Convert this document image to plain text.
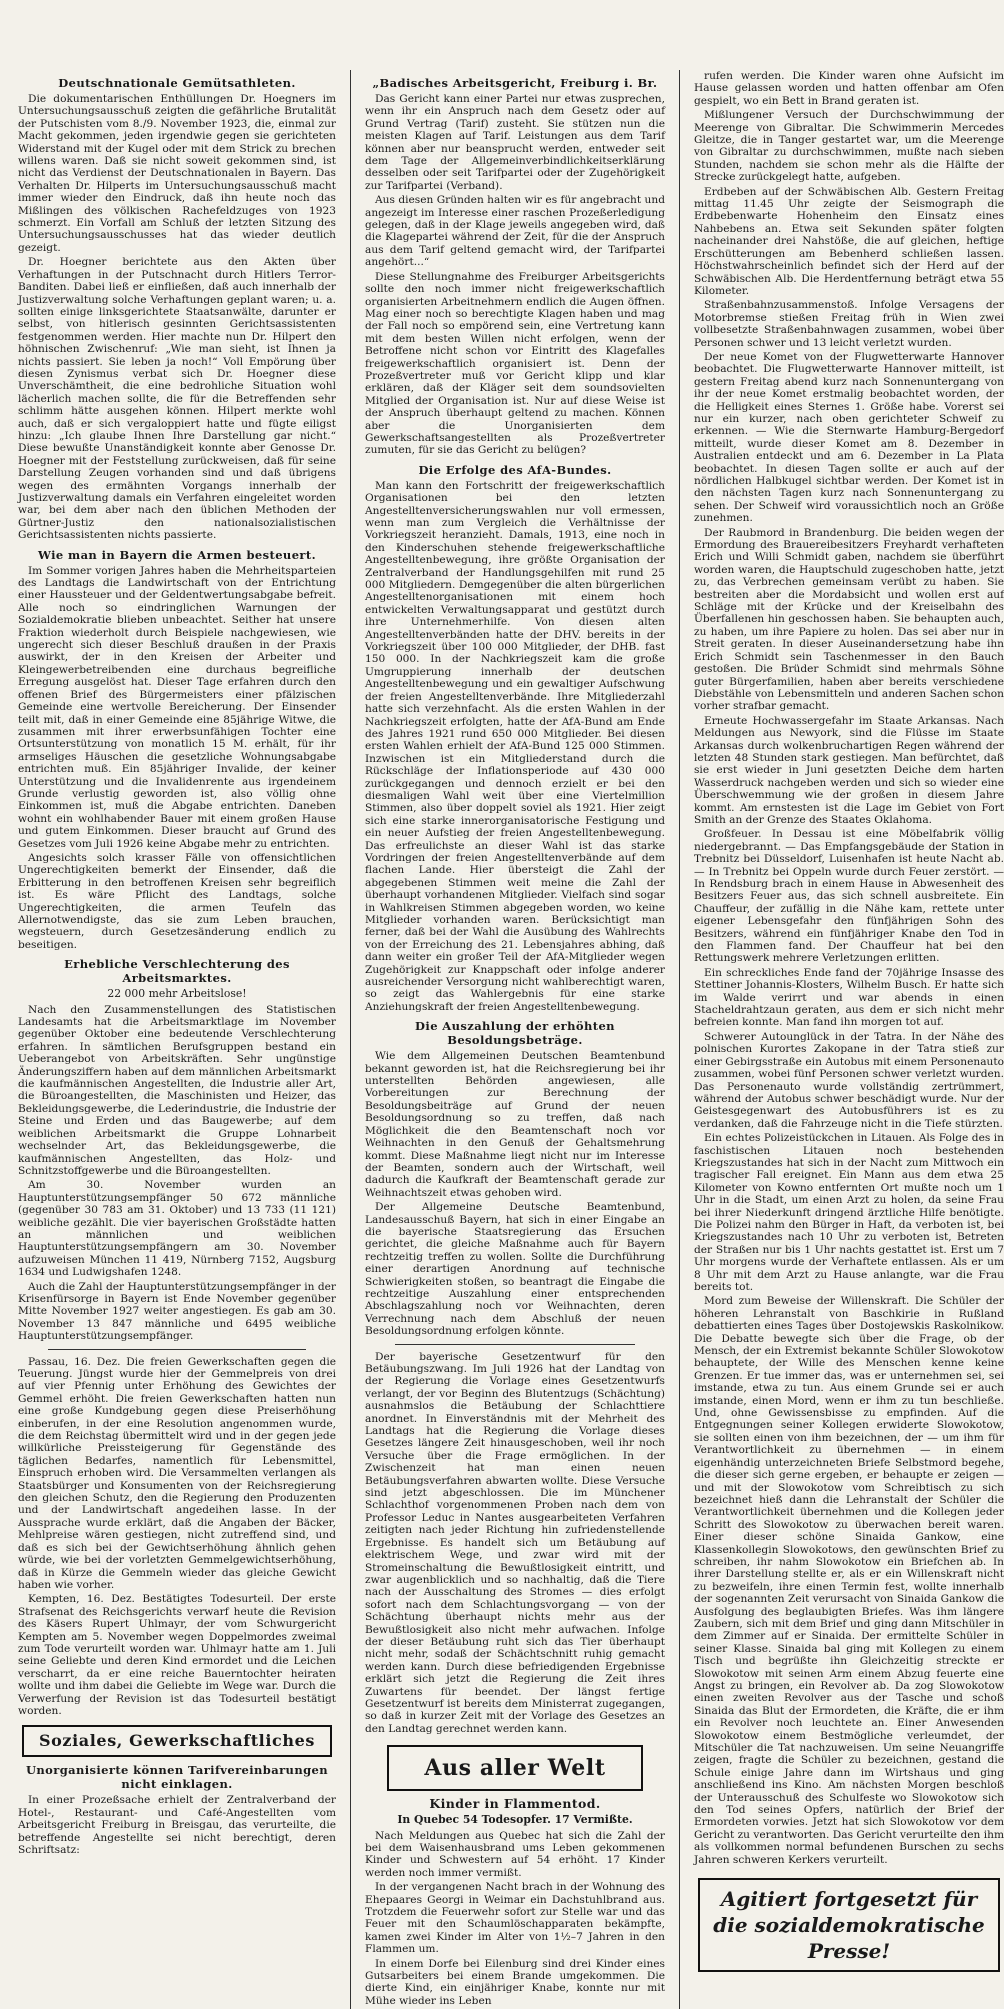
Deutschnationale Gemütsathleten.

Die dokumentarischen Enthüllungen Dr. Hoegners im Untersuchungsausschuß zeigten die gefährliche Brutalität der Putschisten vom 8./9. November 1923, die, einmal zur Macht gekommen, jeden irgendwie gegen sie gerichteten Widerstand mit der Kugel oder mit dem Strick zu brechen willens waren. Daß sie nicht soweit gekommen sind, ist nicht das Verdienst der Deutschnationalen in Bayern. Das Verhalten Dr. Hilperts im Untersuchungsausschuß macht immer wieder den Eindruck, daß ihn heute noch das Mißlingen des völkischen Rachefeldzuges von 1923 schmerzt. Ein Vorfall am Schluß der letzten Sitzung des Untersuchungsausschusses hat das wieder deutlich gezeigt.

Dr. Hoegner berichtete aus den Akten über Verhaftungen in der Putschnacht durch Hitlers Terror-Banditen. Dabei ließ er einfließen, daß auch innerhalb der Justizverwaltung solche Verhaftungen geplant waren; u. a. sollten einige linksgerichtete Staatsanwälte, darunter er selbst, von hitlerisch gesinnten Gerichtsassistenten festgenommen werden. Hier machte nun Dr. Hilpert den höhnischen Zwischenruf: „Wie man sieht, ist Ihnen ja nichts passiert. Sie leben ja noch!“ Voll Empörung über diesen Zynismus verbat sich Dr. Hoegner diese Unverschämtheit, die eine bedrohliche Situation wohl lächerlich machen sollte, die für die Betreffenden sehr schlimm hätte ausgehen können. Hilpert merkte wohl auch, daß er sich vergaloppiert hatte und fügte eiligst hinzu: „Ich glaube Ihnen Ihre Darstellung gar nicht.“ Diese bewußte Unanständigkeit konnte aber Genosse Dr. Hoegner mit der Feststellung zurückweisen, daß für seine Darstellung Zeugen vorhanden sind und daß übrigens wegen des ermähnten Vorgangs innerhalb der Justizverwaltung damals ein Verfahren eingeleitet worden war, bei dem aber nach den üblichen Methoden der Gürtner-Justiz den nationalsozialistischen Gerichtsassistenten nichts passierte.

Wie man in Bayern die Armen besteuert.

Im Sommer vorigen Jahres haben die Mehrheitsparteien des Landtags die Landwirtschaft von der Entrichtung einer Haussteuer und der Geldentwertungsabgabe befreit. Alle noch so eindringlichen Warnungen der Sozialdemokratie blieben unbeachtet. Seither hat unsere Fraktion wiederholt durch Beispiele nachgewiesen, wie ungerecht sich dieser Beschluß draußen in der Praxis auswirkt, der in den Kreisen der Arbeiter und Kleingewerbetreibenden eine durchaus begreifliche Erregung ausgelöst hat. Dieser Tage erfahren durch den offenen Brief des Bürgermeisters einer pfälzischen Gemeinde eine wertvolle Bereicherung. Der Einsender teilt mit, daß in einer Gemeinde eine 85jährige Witwe, die zusammen mit ihrer erwerbsunfähigen Tochter eine Ortsunterstützung von monatlich 15 M. erhält, für ihr armseliges Häuschen die gesetzliche Wohnungsabgabe entrichten muß. Ein 85jähriger Invalide, der keiner Unterstützung und die Invalidenrente aus irgendeinem Grunde verlustig geworden ist, also völlig ohne Einkommen ist, muß die Abgabe entrichten. Daneben wohnt ein wohlhabender Bauer mit einem großen Hause und gutem Einkommen. Dieser braucht auf Grund des Gesetzes vom Juli 1926 keine Abgabe mehr zu entrichten.

Angesichts solch krasser Fälle von offensichtlichen Ungerechtigkeiten bemerkt der Einsender, daß die Erbitterung in den betroffenen Kreisen sehr begreiflich ist. Es wäre Pflicht des Landtags, solche Ungerechtigkeiten, die armen Teufeln das Allernotwendigste, das sie zum Leben brauchen, wegsteuern, durch Gesetzesänderung endlich zu beseitigen.

Erhebliche Verschlechterung des Arbeitsmarktes.
22 000 mehr Arbeitslose!

Nach den Zusammenstellungen des Statistischen Landesamts hat die Arbeitsmarktlage im November gegenüber Oktober eine bedeutende Verschlechterung erfahren. In sämtlichen Berufsgruppen bestand ein Ueberangebot von Arbeitskräften. Sehr ungünstige Änderungsziffern haben auf dem männlichen Arbeitsmarkt die kaufmännischen Angestellten, die Industrie aller Art, die Büroangestellten, die Maschinisten und Heizer, das Bekleidungsgewerbe, die Lederindustrie, die Industrie der Steine und Erden und das Baugewerbe; auf dem weiblichen Arbeitsmarkt die Gruppe Lohnarbeit wechselnder Art, das Bekleidungsgewerbe, die kaufmännischen Angestellten, das Holz- und Schnitzstoffgewerbe und die Büroangestellten.

Am 30. November wurden an Hauptunterstützungsempfänger 50 672 männliche (gegenüber 30 783 am 31. Oktober) und 13 733 (11 121) weibliche gezählt. Die vier bayerischen Großstädte hatten an männlichen und weiblichen Hauptunterstützungsempfängern am 30. November aufzuweisen München 11 419, Nürnberg 7152, Augsburg 1634 und Ludwigshafen 1248.

Auch die Zahl der Hauptunterstützungsempfänger in der Krisenfürsorge in Bayern ist Ende November gegenüber Mitte November 1927 weiter angestiegen. Es gab am 30. November 13 847 männliche und 6495 weibliche Hauptunterstützungsempfänger.

Passau, 16. Dez. Die freien Gewerkschaften gegen die Teuerung. Jüngst wurde hier der Gemmelpreis von drei auf vier Pfennig unter Erhöhung des Gewichtes der Gemmel erhöht. Die freien Gewerkschaften hatten nun eine große Kundgebung gegen diese Preiserhöhung einberufen, in der eine Resolution angenommen wurde, die dem Reichstag übermittelt wird und in der gegen jede willkürliche Preissteigerung für Gegenstände des täglichen Bedarfes, namentlich für Lebensmittel, Einspruch erhoben wird. Die Versammelten verlangen als Staatsbürger und Konsumenten von der Reichsregierung den gleichen Schutz, den die Regierung den Produzenten und der Landwirtschaft angedeihen lasse. In der Aussprache wurde erklärt, daß die Angaben der Bäcker, Mehlpreise wären gestiegen, nicht zutreffend sind, und daß es sich bei der Gewichtserhöhung ähnlich gehen würde, wie bei der vorletzten Gemmelgewichtserhöhung, daß in Kürze die Gemmeln wieder das gleiche Gewicht haben wie vorher.

Kempten, 16. Dez. Bestätigtes Todesurteil. Der erste Strafsenat des Reichsgerichts verwarf heute die Revision des Käsers Rupert Uhlmayr, der vom Schwurgericht Kempten am 5. November wegen Doppelmordes zweimal zum Tode verurteilt worden war. Uhlmayr hatte am 1. Juli seine Geliebte und deren Kind ermordet und die Leichen verscharrt, da er eine reiche Bauerntochter heiraten wollte und ihm dabei die Geliebte im Wege war. Durch die Verwerfung der Revision ist das Todesurteil bestätigt worden.

Soziales, Gewerkschaftliches
Unorganisierte können Tarifvereinbarungen nicht einklagen.

In einer Prozeßsache erhielt der Zentralverband der Hotel-, Restaurant- und Café-Angestellten vom Arbeitsgericht Freiburg in Breisgau, das verurteilte, die betreffende Angestellte sei nicht berechtigt, deren Schriftsatz:

„Badisches Arbeitsgericht, Freiburg i. Br.

Das Gericht kann einer Partei nur etwas zusprechen, wenn ihr ein Anspruch nach dem Gesetz oder auf Grund Vertrag (Tarif) zusteht. Sie stützen nun die meisten Klagen auf Tarif. Leistungen aus dem Tarif können aber nur beansprucht werden, entweder seit dem Tage der Allgemeinverbindlichkeitserklärung desselben oder seit Tarifpartei oder der Zugehörigkeit zur Tarifpartei (Verband).

Aus diesen Gründen halten wir es für angebracht und angezeigt im Interesse einer raschen Prozeßerledigung gelegen, daß in der Klage jeweils angegeben wird, daß die Klagepartei während der Zeit, für die der Anspruch aus dem Tarif geltend gemacht wird, der Tarifpartei angehört...“

Diese Stellungnahme des Freiburger Arbeitsgerichts sollte den noch immer nicht freigewerkschaftlich organisierten Arbeitnehmern endlich die Augen öffnen. Mag einer noch so berechtigte Klagen haben und mag der Fall noch so empörend sein, eine Vertretung kann mit dem besten Willen nicht erfolgen, wenn der Betroffene nicht schon vor Eintritt des Klagefalles freigewerkschaftlich organisiert ist. Denn der Prozeßvertreter muß vor Gericht klipp und klar erklären, daß der Kläger seit dem soundsovielten Mitglied der Organisation ist. Nur auf diese Weise ist der Anspruch überhaupt geltend zu machen. Können aber die Unorganisierten dem Gewerkschaftsangestellten als Prozeßvertreter zumuten, für sie das Gericht zu belügen?

Die Erfolge des AfA-Bundes.

Man kann den Fortschritt der freigewerkschaftlich Organisationen bei den letzten Angestelltenversicherungswahlen nur voll ermessen, wenn man zum Vergleich die Verhältnisse der Vorkriegszeit heranzieht. Damals, 1913, eine noch in den Kinderschuhen stehende freigewerkschaftliche Angestelltenbewegung, ihre größte Organisation der Zentralverband der Handlungsgehilfen mit rund 25 000 Mitgliedern. Demgegenüber die alten bürgerlichen Angestelltenorganisationen mit einem hoch entwickelten Verwaltungsapparat und gestützt durch ihre Unternehmerhilfe. Von diesen alten Angestelltenverbänden hatte der DHV. bereits in der Vorkriegszeit über 100 000 Mitglieder, der DHB. fast 150 000. In der Nachkriegszeit kam die große Umgruppierung innerhalb der deutschen Angestelltenbewegung und ein gewaltiger Aufschwung der freien Angestelltenverbände. Ihre Mitgliederzahl hatte sich verzehnfacht. Als die ersten Wahlen in der Nachkriegszeit erfolgten, hatte der AfA-Bund am Ende des Jahres 1921 rund 650 000 Mitglieder. Bei diesen ersten Wahlen erhielt der AfA-Bund 125 000 Stimmen. Inzwischen ist ein Mitgliederstand durch die Rückschläge der Inflationsperiode auf 430 000 zurückgegangen und dennoch erzielt er bei den diesmaligen Wahl weit über eine Viertelmillion Stimmen, also über doppelt soviel als 1921. Hier zeigt sich eine starke innerorganisatorische Festigung und ein neuer Aufstieg der freien Angestelltenbewegung. Das erfreulichste an dieser Wahl ist das starke Vordringen der freien Angestelltenverbände auf dem flachen Lande. Hier übersteigt die Zahl der abgegebenen Stimmen weit meine die Zahl der überhaupt vorhandenen Mitglieder. Vielfach sind sogar in Wahlkreisen Stimmen abgegeben worden, wo keine Mitglieder vorhanden waren. Berücksichtigt man ferner, daß bei der Wahl die Ausübung des Wahlrechts von der Erreichung des 21. Lebensjahres abhing, daß dann weiter ein großer Teil der AfA-Mitglieder wegen Zugehörigkeit zur Knappschaft oder infolge anderer ausreichender Versorgung nicht wahlberechtigt waren, so zeigt das Wahlergebnis für eine starke Anziehungskraft der freien Angestelltenbewegung.

Die Auszahlung der erhöhten Besoldungsbeträge.

Wie dem Allgemeinen Deutschen Beamtenbund bekannt geworden ist, hat die Reichsregierung bei ihr unterstellten Behörden angewiesen, alle Vorbereitungen zur Berechnung der Besoldungsbeiträge auf Grund der neuen Besoldungsordnung so zu treffen, daß nach Möglichkeit die den Beamtenschaft noch vor Weihnachten in den Genuß der Gehaltsmehrung kommt. Diese Maßnahme liegt nicht nur im Interesse der Beamten, sondern auch der Wirtschaft, weil dadurch die Kaufkraft der Beamtenschaft gerade zur Weihnachtszeit etwas gehoben wird.

Der Allgemeine Deutsche Beamtenbund, Landesausschuß Bayern, hat sich in einer Eingabe an die bayerische Staatsregierung das Ersuchen gerichtet, die gleiche Maßnahme auch für Bayern rechtzeitig treffen zu wollen. Sollte die Durchführung einer derartigen Anordnung auf technische Schwierigkeiten stoßen, so beantragt die Eingabe die rechtzeitige Auszahlung einer entsprechenden Abschlagszahlung noch vor Weihnachten, deren Verrechnung nach dem Abschluß der neuen Besoldungsordnung erfolgen könnte.

Der bayerische Gesetzentwurf für den Betäubungszwang. Im Juli 1926 hat der Landtag von der Regierung die Vorlage eines Gesetzentwurfs verlangt, der vor Beginn des Blutentzugs (Schächtung) ausnahmslos die Betäubung der Schlachttiere anordnet. In Einverständnis mit der Mehrheit des Landtags hat die Regierung die Vorlage dieses Gesetzes längere Zeit hinausgeschoben, weil ihr noch Versuche über die Frage ermöglichen. In der Zwischenzeit hat man einen neuen Betäubungsverfahren abwarten wollte. Diese Versuche sind jetzt abgeschlossen. Die im Münchener Schlachthof vorgenommenen Proben nach dem von Professor Leduc in Nantes ausgearbeiteten Verfahren zeitigten nach jeder Richtung hin zufriedenstellende Ergebnisse. Es handelt sich um Betäubung auf elektrischem Wege, und zwar wird mit der Stromeinschaltung die Bewußtlosigkeit eintritt, und zwar augenblicklich und so nachhaltig, daß die Tiere nach der Ausschaltung des Stromes — dies erfolgt sofort nach dem Schlachtungsvorgang — von der Schächtung überhaupt nichts mehr aus der Bewußtlosigkeit also nicht mehr aufwachen. Infolge der dieser Betäubung ruht sich das Tier überhaupt nicht mehr, sodaß der Schächtschnitt ruhig gemacht werden kann. Durch diese befriedigenden Ergebnisse erklärt sich jetzt die Regierung die Zeit ihres Zuwartens für beendet. Der längst fertige Gesetzentwurf ist bereits dem Ministerrat zugegangen, so daß in kurzer Zeit mit der Vorlage des Gesetzes an den Landtag gerechnet werden kann.

Aus aller Welt
Kinder in Flammentod.
In Quebec 54 Todesopfer. 17 Vermißte.

Nach Meldungen aus Quebec hat sich die Zahl der bei dem Waisenhausbrand ums Leben gekommenen Kinder und Schwestern auf 54 erhöht. 17 Kinder werden noch immer vermißt.

In der vergangenen Nacht brach in der Wohnung des Ehepaares Georgi in Weimar ein Dachstuhlbrand aus. Trotzdem die Feuerwehr sofort zur Stelle war und das Feuer mit den Schaumlöschapparaten bekämpfte, kamen zwei Kinder im Alter von 1½–7 Jahren in den Flammen um.

In einem Dorfe bei Eilenburg sind drei Kinder eines Gutsarbeiters bei einem Brande umgekommen. Die dierte Kind, ein einjähriger Knabe, konnte nur mit Mühe wieder ins Leben

rufen werden. Die Kinder waren ohne Aufsicht im Hause gelassen worden und hatten offenbar am Ofen gespielt, wo ein Bett in Brand geraten ist.

Mißlungener Versuch der Durchschwimmung der Meerenge von Gibraltar. Die Schwimmerin Mercedes Gleitze, die in Tanger gestartet war, um die Meerenge von Gibraltar zu durchschwimmen, mußte nach sieben Stunden, nachdem sie schon mehr als die Hälfte der Strecke zurückgelegt hatte, aufgeben.

Erdbeben auf der Schwäbischen Alb. Gestern Freitag mittag 11.45 Uhr zeigte der Seismograph die Erdbebenwarte Hohenheim den Einsatz eines Nahbebens an. Etwa seit Sekunden später folgten nacheinander drei Nahstöße, die auf gleichen, heftige Erschütterungen am Bebenherd schließen lassen. Höchstwahrscheinlich befindet sich der Herd auf der Schwäbischen Alb. Die Herdentfernung beträgt etwa 55 Kilometer.

Straßenbahnzusammenstoß. Infolge Versagens der Motorbremse stießen Freitag früh in Wien zwei vollbesetzte Straßenbahnwagen zusammen, wobei über Personen schwer und 13 leicht verletzt wurden.

Der neue Komet von der Flugwetterwarte Hannover beobachtet. Die Flugwetterwarte Hannover mitteilt, ist gestern Freitag abend kurz nach Sonnenuntergang von ihr der neue Komet erstmalig beobachtet worden, der die Helligkeit eines Sternes 1. Größe habe. Vorerst sei nur ein kurzer, nach oben gerichteter Schweif zu erkennen. — Wie die Sternwarte Hamburg-Bergedorf mitteilt, wurde dieser Komet am 8. Dezember in Australien entdeckt und am 6. Dezember in La Plata beobachtet. In diesen Tagen sollte er auch auf der nördlichen Halbkugel sichtbar werden. Der Komet ist in den nächsten Tagen kurz nach Sonnenuntergang zu sehen. Der Schweif wird voraussichtlich noch an Größe zunehmen.

Der Raubmord in Brandenburg. Die beiden wegen der Ermordung des Brauereibesitzers Freyhardt verhafteten Erich und Willi Schmidt gaben, nachdem sie überführt worden waren, die Hauptschuld zugeschoben hatte, jetzt zu, das Verbrechen gemeinsam verübt zu haben. Sie bestreiten aber die Mordabsicht und wollen erst auf Schläge mit der Krücke und der Kreiselbahn des Überfallenen hin geschossen haben. Sie behaupten auch, zu haben, um ihre Papiere zu holen. Das sei aber nur in Streit geraten. In dieser Auseinandersetzung habe ihn Erich Schmidt sein Taschenmesser in den Bauch gestoßen. Die Brüder Schmidt sind mehrmals Söhne guter Bürgerfamilien, haben aber bereits verschiedene Diebstähle von Lebensmitteln und anderen Sachen schon vorher strafbar gemacht.

Erneute Hochwassergefahr im Staate Arkansas. Nach Meldungen aus Newyork, sind die Flüsse im Staate Arkansas durch wolkenbruchartigen Regen während der letzten 48 Stunden stark gestiegen. Man befürchtet, daß sie erst wieder in Juni gesetzten Deiche dem harten Wasserdruck nachgeben werden und sich so wieder eine Überschwemmung wie der großen in diesem Jahre kommt. Am ernstesten ist die Lage im Gebiet von Fort Smith an der Grenze des Staates Oklahoma.

Großfeuer. In Dessau ist eine Möbelfabrik völlig niedergebrannt. — Das Empfangsgebäude der Station in Trebnitz bei Düsseldorf, Luisenhafen ist heute Nacht ab. — In Trebnitz bei Oppeln wurde durch Feuer zerstört. — In Rendsburg brach in einem Hause in Abwesenheit des Besitzers Feuer aus, das sich schnell ausbreitete. Ein Chauffeur, der zufällig in die Nähe kam, rettete unter eigener Lebensgefahr den fünfjährigen Sohn des Besitzers, während ein fünfjähriger Knabe den Tod in den Flammen fand. Der Chauffeur hat bei den Rettungswerk mehrere Verletzungen erlitten.

Ein schreckliches Ende fand der 70jährige Insasse des Stettiner Johannis-Klosters, Wilhelm Busch. Er hatte sich im Walde verirrt und war abends in einen Stacheldrahtzaun geraten, aus dem er sich nicht mehr befreien konnte. Man fand ihn morgen tot auf.

Schwerer Autounglück in der Tatra. In der Nähe des polnischen Kurortes Zakopane in der Tatra stieß zur einer Gebirgsstraße ein Autobus mit einem Personenauto zusammen, wobei fünf Personen schwer verletzt wurden. Das Personenauto wurde vollständig zertrümmert, während der Autobus schwer beschädigt wurde. Nur der Geistesgegenwart des Autobusführers ist es zu verdanken, daß die Fahrzeuge nicht in die Tiefe stürzten.

Ein echtes Polizeistückchen in Litauen. Als Folge des in faschistischen Litauen noch bestehenden Kriegszustandes hat sich in der Nacht zum Mittwoch ein tragischer Fall ereignet. Ein Mann aus dem etwa 25 Kilometer von Kowno entfernten Ort mußte noch um 1 Uhr in die Stadt, um einen Arzt zu holen, da seine Frau bei ihrer Niederkunft dringend ärztliche Hilfe benötigte. Die Polizei nahm den Bürger in Haft, da verboten ist, bei Kriegszustandes nach 10 Uhr zu verboten ist, Betreten der Straßen nur bis 1 Uhr nachts gestattet ist. Erst um 7 Uhr morgens wurde der Verhaftete entlassen. Als er um 8 Uhr mit dem Arzt zu Hause anlangte, war die Frau bereits tot.

Mord zum Beweise der Willenskraft. Die Schüler der höheren Lehranstalt von Baschkirie in Rußland debattierten eines Tages über Dostojewskis Raskolnikow. Die Debatte bewegte sich über die Frage, ob der Mensch, der ein Extremist bekannte Schüler Slowokotow behauptete, der Wille des Menschen kenne keine Grenzen. Er tue immer das, was er unternehmen sei, sei imstande, etwa zu tun. Aus einem Grunde sei er auch imstande, einen Mord, wenn er ihm zu tun beschließe. Und, ohne Gewissensbisse zu empfinden. Auf die Entgegnungen seiner Kollegen erwiderte Slowokotow, sie sollten einen von ihm bezeichnen, der — um ihm für Verantwortlichkeit zu übernehmen — in einem eigenhändig unterzeichneten Briefe Selbstmord begehe, die dieser sich gerne ergeben, er behaupte er zeigen — und mit der Slowokotow vom Schreibtisch zu sich bezeichnet hieß dann die Lehranstalt der Schüler die Verantwortlichkeit übernehmen und die Kollegen jeder Schritt des Slowokotow zu überwachen bereit waren. Einer dieser schöne Sinaida Gankow, eine Klassenkollegin Slowokotows, den gewünschten Brief zu schreiben, ihr nahm Slowokotow ein Briefchen ab. In ihrer Darstellung stellte er, als er ein Willenskraft nicht zu bezweifeln, ihre einen Termin fest, wollte innerhalb der sogenannten Zeit verursacht von Sinaida Gankow die Ausfolgung des beglaubigten Briefes. Was ihm längere Zaubern, sich mit dem Brief und ging dann Mitschüler in dem Zimmer auf er Sinaida. Der ermittelte Schüler in seiner Klasse. Sinaida bal ging mit Kollegen zu einem Tisch und begrüßte ihn Gleichzeitig streckte er Slowokotow mit seinen Arm einem Abzug feuerte eine Angst zu bringen, ein Revolver ab. Da zog Slowokotow einen zweiten Revolver aus der Tasche und schoß Sinaida das Blut der Ermordeten, die Kräfte, die er ihm ein Revolver noch leuchtete an. Einer Anwesenden Slowokotow einem Bestmögliche verleumdet, der Mitschüler die Tat nachzuweisen. Um seine Neuangriffe zeigen, fragte die Schüler zu bezeichnen, gestand die Schule einige Jahre dann im Wirtshaus und ging anschließend ins Kino. Am nächsten Morgen beschloß der Unterausschuß des Schulfeste wo Slowokotow sich den Tod seines Opfers, natürlich der Brief der Ermordeten vorwies. Jetzt hat sich Slowokotow vor dem Gericht zu verantworten. Das Gericht verurteilte den ihm als vollkommen normal befundenen Burschen zu sechs Jahren schweren Kerkers verurteilt.

Agitiert fortgesetzt für die sozialdemokratische Presse!
